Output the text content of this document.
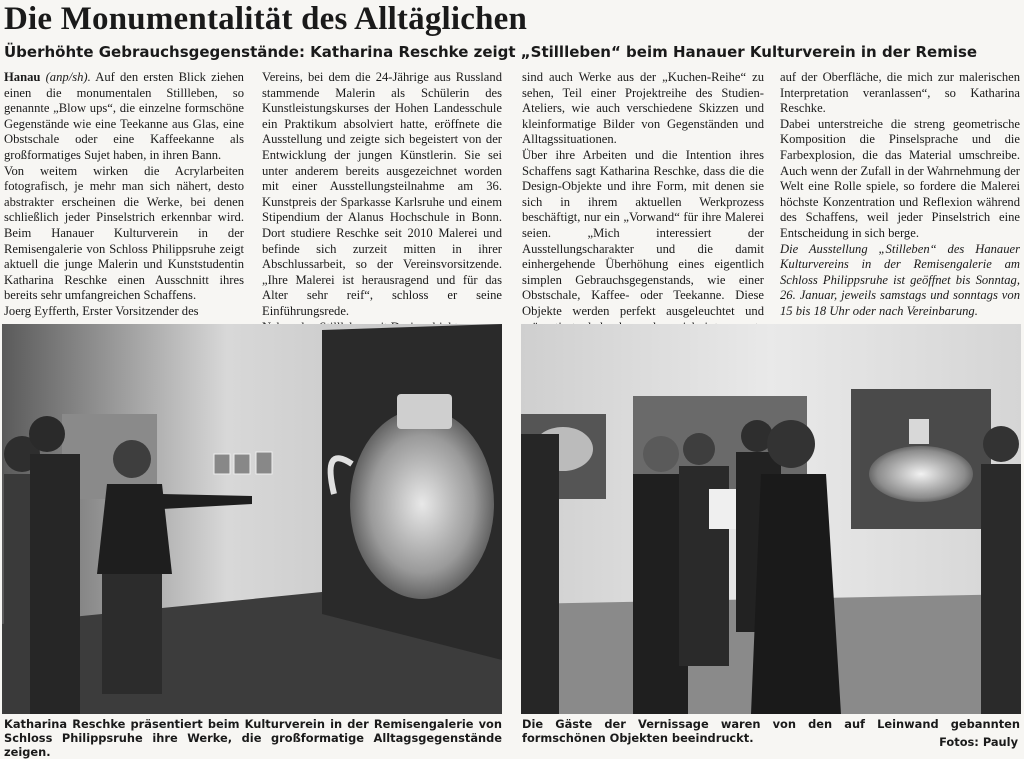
Die Monumentalität des Alltäglichen
Überhöhte Gebrauchsgegenstände: Katharina Reschke zeigt „Stillleben“ beim Hanauer Kulturverein in der Remise

Hanau (anp/sh). Auf den ersten Blick ziehen einen die monumentalen Stillleben, so genannte „Blow ups“, die einzelne formschöne Gegenstände wie eine Teekanne aus Glas, eine Obstschale oder eine Kaffeekanne als großformatiges Sujet haben, in ihren Bann.

Von weitem wirken die Acrylarbeiten fotografisch, je mehr man sich nähert, desto abstrakter erscheinen die Werke, bei denen schließlich jeder Pinselstrich erkennbar wird. Beim Hanauer Kulturverein in der Remisengalerie von Schloss Philippsruhe zeigt aktuell die junge Malerin und Kunststudentin Katharina Reschke einen Ausschnitt ihres bereits sehr umfangreichen Schaffens.

Joerg Eyfferth, Erster Vorsitzender des

Vereins, bei dem die 24-Jährige aus Russland stammende Malerin als Schülerin des Kunstleistungskurses der Hohen Landesschule ein Praktikum absolviert hatte, eröffnete die Ausstellung und zeigte sich begeistert von der Entwicklung der jungen Künstlerin. Sie sei unter anderem bereits ausgezeichnet worden mit einer Ausstellungsteilnahme am 36. Kunstpreis der Sparkasse Karlsruhe und einem Stipendium der Alanus Hochschule in Bonn. Dort studiere Reschke seit 2010 Malerei und befinde sich zurzeit mitten in ihrer Abschlussarbeit, so der Vereinsvorsitzende. „Ihre Malerei ist herausragend und für das Alter sehr reif“, schloss er seine Einführungsrede.

sind auch Werke aus der „Kuchen-Reihe“ zu sehen, Teil einer Projektreihe des Studien-Ateliers, wie auch verschiedene Skizzen und kleinformatige Bilder von Gegenständen und Alltagssituationen.

Über ihre Arbeiten und die Intention ihres Schaffens sagt Katharina Reschke, dass die die Design-Objekte und ihre Form, mit denen sie sich in ihrem aktuellen Werkprozess beschäftigt, nur ein „Vorwand“ für ihre Malerei seien. „Mich interessiert der Ausstellungscharakter und die damit einhergehende Überhöhung eines eigentlich simplen Gebrauchsgegenstands, wie einer Obstschale, Kaffee- oder Teekanne. Diese Objekte werden perfekt ausgeleuchtet und

auf der Oberfläche, die mich zur malerischen Interpretation veranlassen“, so Katharina Reschke.

Dabei unterstreiche die streng geometrische Komposition die Pinselsprache und die Farbexplosion, die das Material umschreibe. Auch wenn der Zufall in der Wahrnehmung der Welt eine Rolle spiele, so fordere die Malerei höchste Konzentration und Reflexion während des Schaffens, weil jeder Pinselstrich eine Entscheidung in sich berge.

Die Ausstellung „Stilleben“ des Hanauer Kulturvereins in der Remisengalerie am Schloss Philippsruhe ist geöffnet bis Sonntag, 26. Januar, jeweils samstags und sonntags von 15 bis 18 Uhr oder nach Vereinbarung.

Katharina Reschke präsentiert beim Kulturverein in der Remisengalerie von Schloss Philippsruhe ihre Werke, die großformatige Alltagsgegenstände zeigen.
Die Gäste der Vernissage waren von den auf Leinwand gebannten formschönen Objekten beeindruckt.	Fotos: Pauly
